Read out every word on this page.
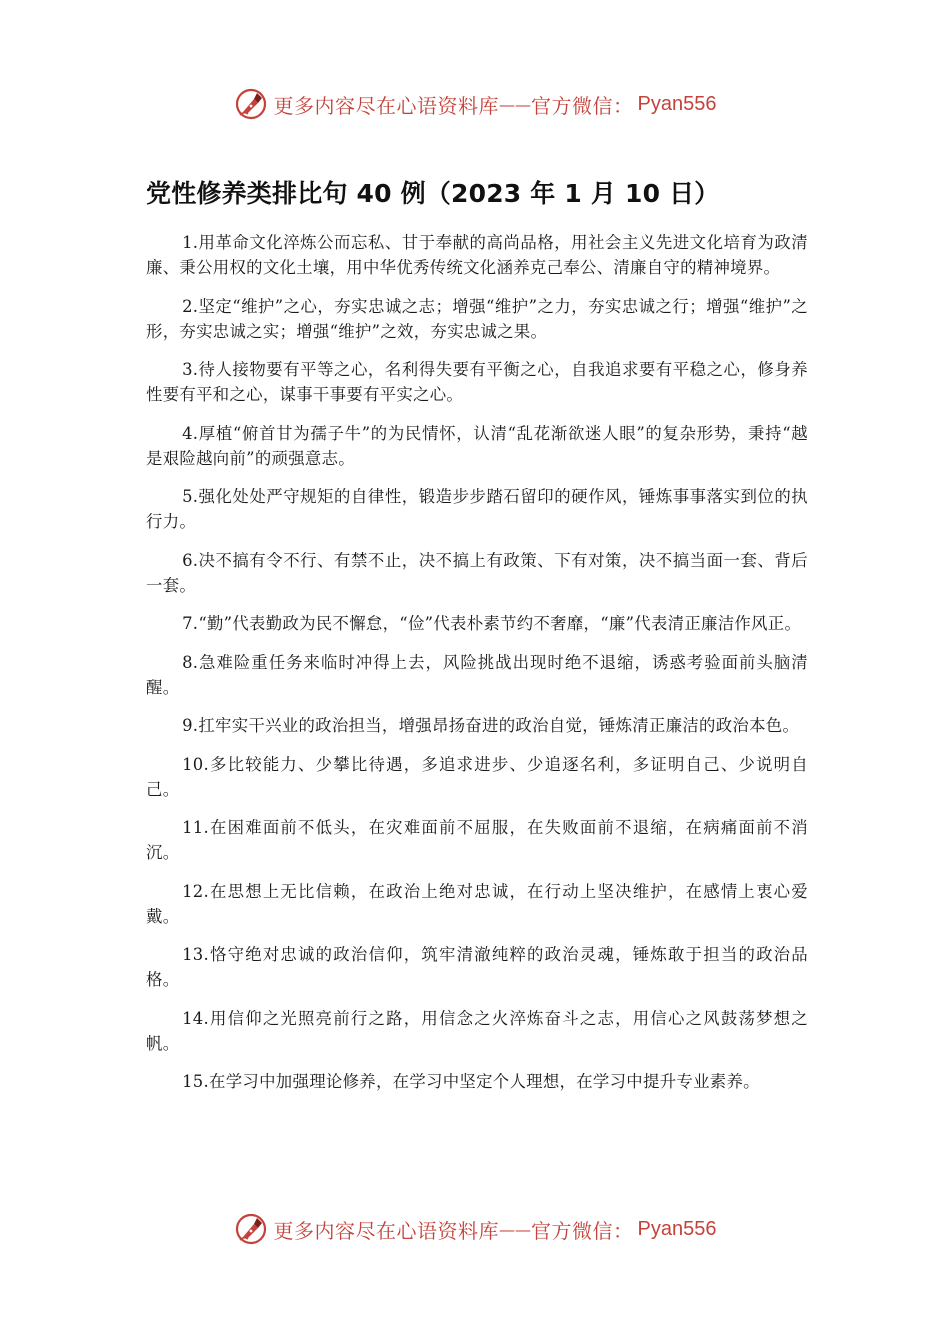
更多内容尽在心语资料库 —— 官方微信： Pyan556
党性修养类排比句 40 例（2023 年 1 月 10 日）

1.用革命文化淬炼公而忘私、甘于奉献的高尚品格，用社会主义先进文化培育为政清廉、秉公用权的文化土壤，用中华优秀传统文化涵养克己奉公、清廉自守的精神境界。

2.坚定“维护”之心，夯实忠诚之志；增强“维护”之力，夯实忠诚之行；增强“维护”之形，夯实忠诚之实；增强“维护”之效，夯实忠诚之果。

3.待人接物要有平等之心，名利得失要有平衡之心，自我追求要有平稳之心，修身养性要有平和之心，谋事干事要有平实之心。

4.厚植“俯首甘为孺子牛”的为民情怀，认清“乱花渐欲迷人眼”的复杂形势，秉持“越是艰险越向前”的顽强意志。

5.强化处处严守规矩的自律性，锻造步步踏石留印的硬作风，锤炼事事落实到位的执行力。

6.决不搞有令不行、有禁不止，决不搞上有政策、下有对策，决不搞当面一套、背后一套。

7.“勤”代表勤政为民不懈怠，“俭”代表朴素节约不奢靡，“廉”代表清正廉洁作风正。

8.急难险重任务来临时冲得上去，风险挑战出现时绝不退缩，诱惑考验面前头脑清醒。

9.扛牢实干兴业的政治担当，增强昂扬奋进的政治自觉，锤炼清正廉洁的政治本色。

10.多比较能力、少攀比待遇，多追求进步、少追逐名利，多证明自己、少说明自己。

11.在困难面前不低头，在灾难面前不屈服，在失败面前不退缩，在病痛面前不消沉。

12.在思想上无比信赖，在政治上绝对忠诚，在行动上坚决维护，在感情上衷心爱戴。

13.恪守绝对忠诚的政治信仰，筑牢清澈纯粹的政治灵魂，锤炼敢于担当的政治品格。

14.用信仰之光照亮前行之路，用信念之火淬炼奋斗之志，用信心之风鼓荡梦想之帆。

15.在学习中加强理论修养，在学习中坚定个人理想，在学习中提升专业素养。

更多内容尽在心语资料库 —— 官方微信： Pyan556
